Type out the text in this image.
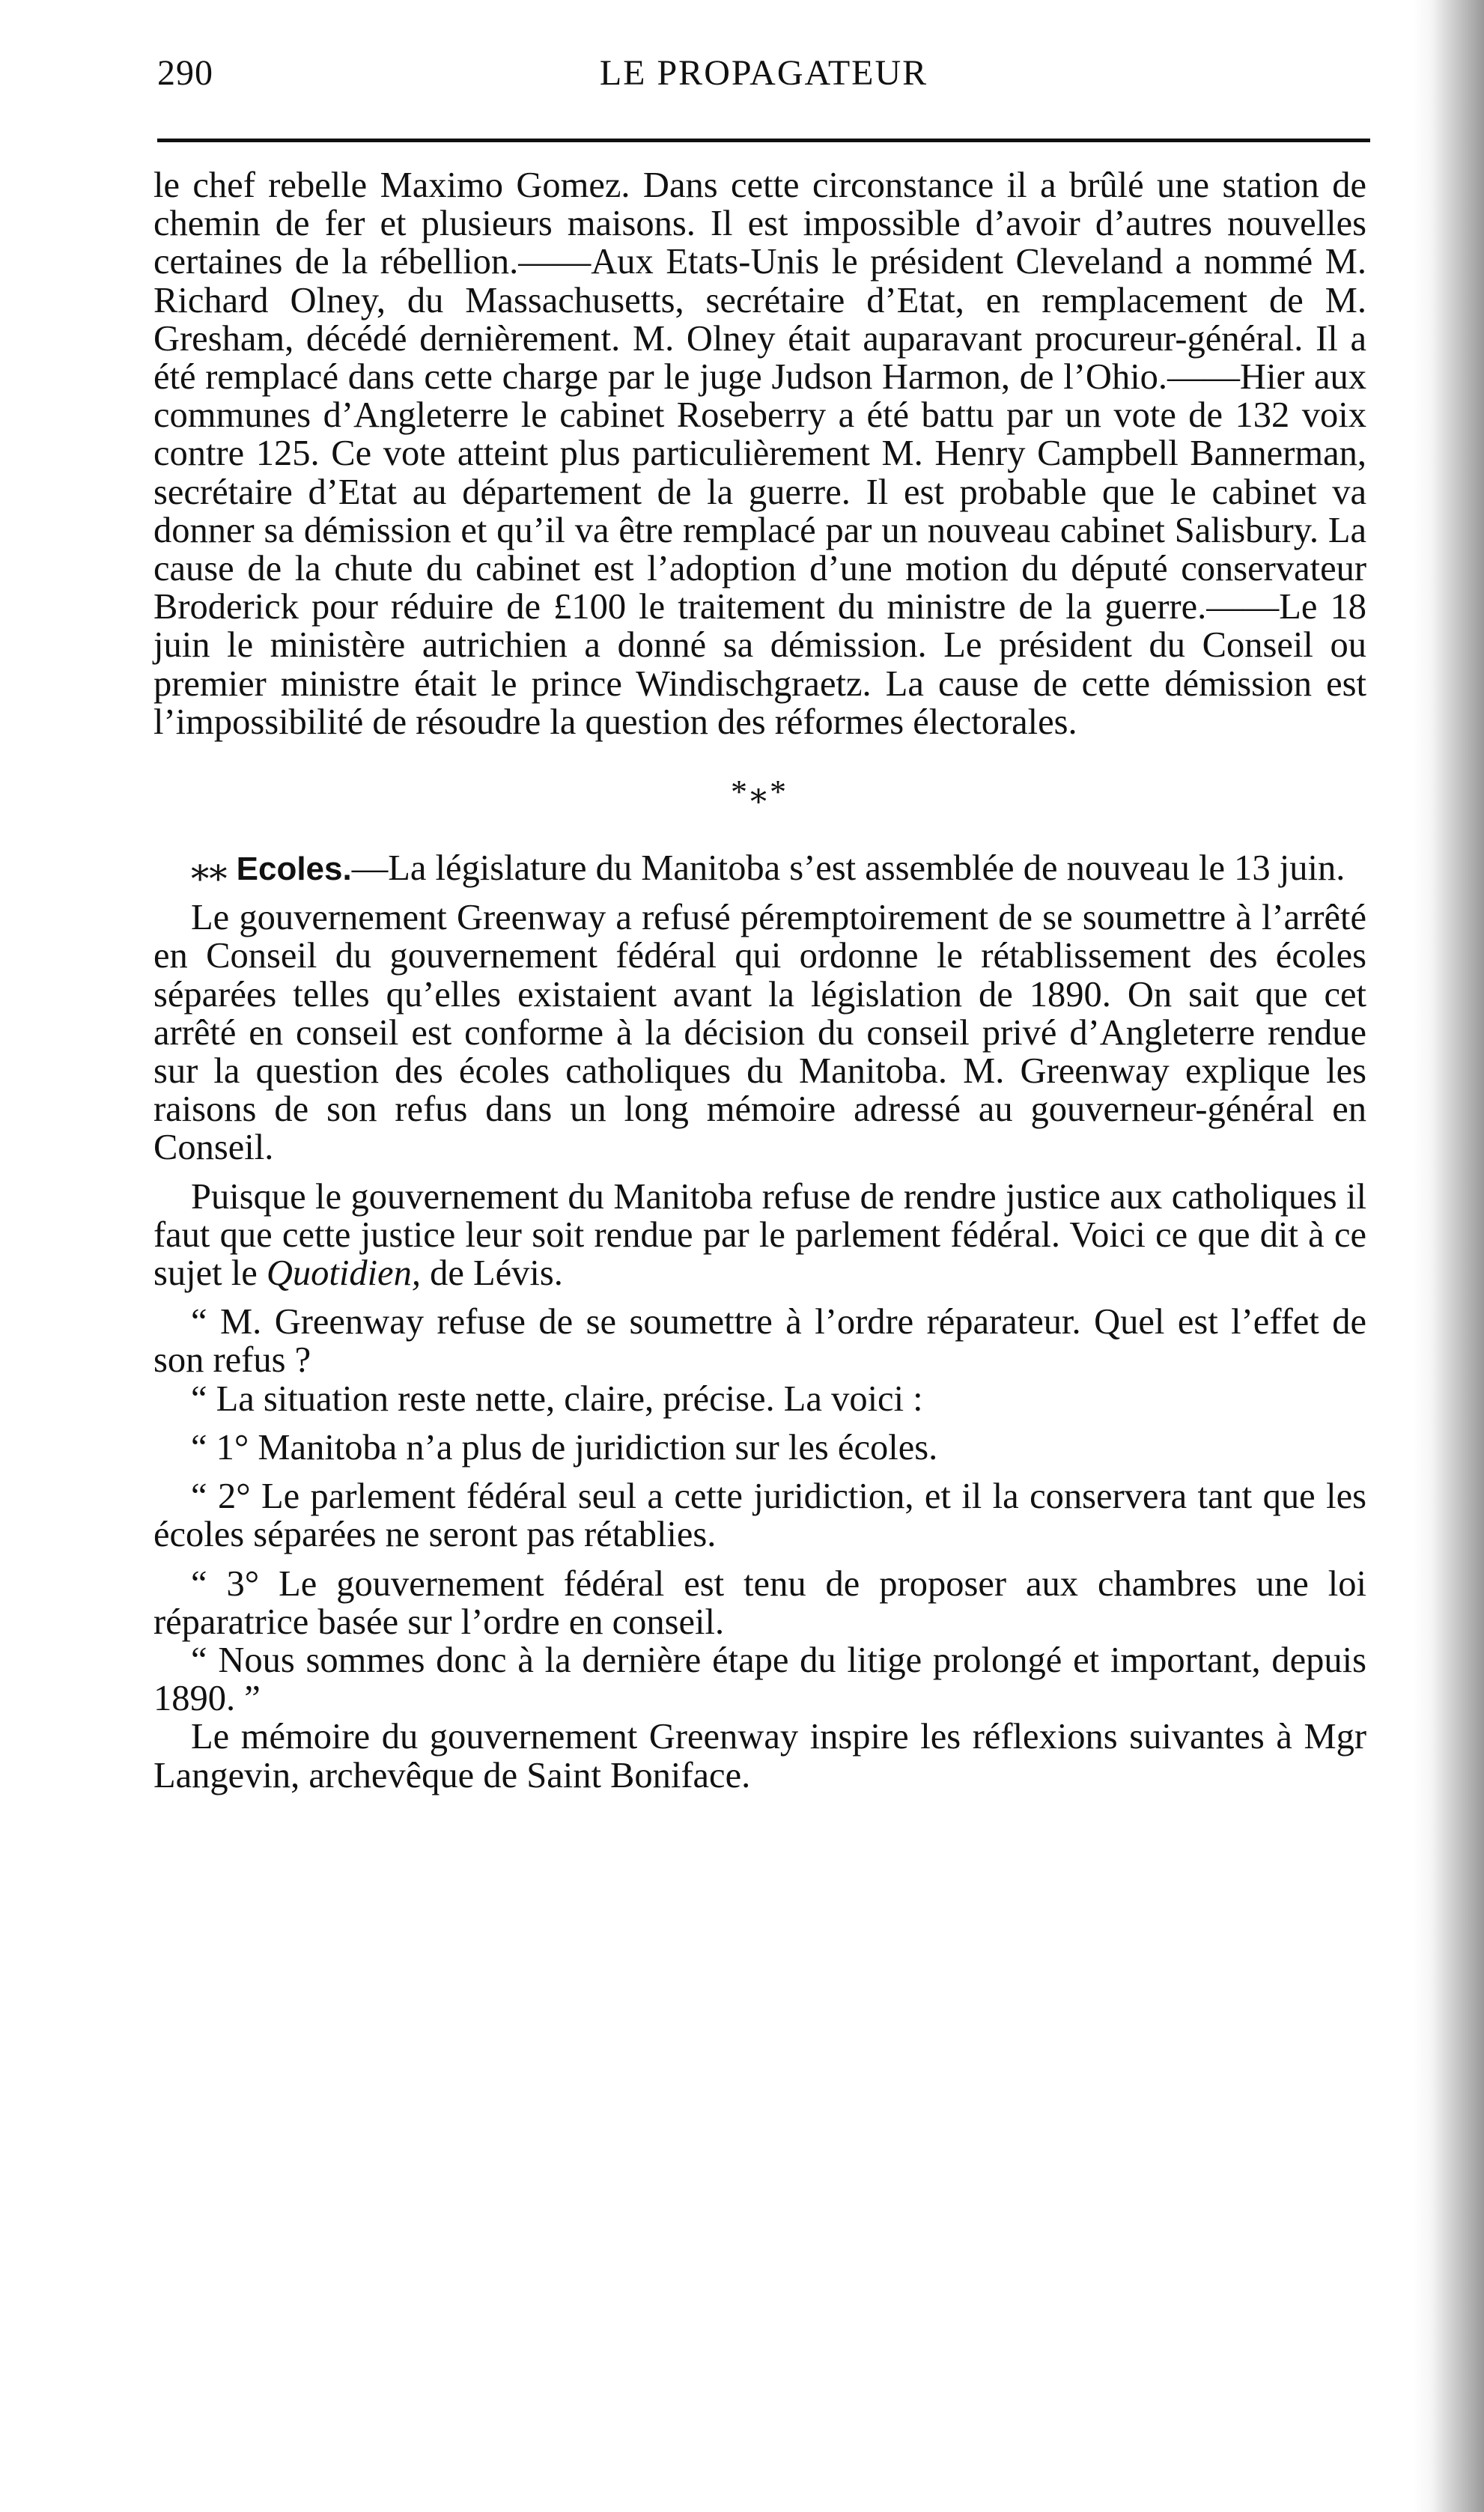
290	LE PROPAGATEUR

le chef rebelle Maximo Gomez. Dans cette circonstance il a brûlé une station de chemin de fer et plusieurs maisons. Il est impossible d’avoir d’autres nouvelles certaines de la rébellion.——Aux Etats-Unis le président Cleveland a nommé M. Richard Olney, du Massachusetts, secrétaire d’Etat, en remplacement de M. Gresham, décédé dernièrement. M. Olney était auparavant procureur-général. Il a été remplacé dans cette charge par le juge Judson Harmon, de l’Ohio.——Hier aux communes d’Angleterre le cabinet Roseberry a été battu par un vote de 132 voix contre 125. Ce vote atteint plus particulièrement M. Henry Campbell Bannerman, secrétaire d’Etat au département de la guerre. Il est probable que le cabinet va donner sa démission et qu’il va être remplacé par un nouveau cabinet Salisbury. La cause de la chute du cabinet est l’adoption d’une motion du député conservateur Broderick pour réduire de £100 le traitement du ministre de la guerre.——Le 18 juin le ministère autrichien a donné sa démission. Le président du Conseil ou premier ministre était le prince Windischgraetz. La cause de cette démission est l’impossibilité de résoudre la question des réformes électorales.

*⁎*

⁎⁎ Ecoles.—La législature du Manitoba s’est assemblée de nouveau le 13 juin.

Le gouvernement Greenway a refusé péremptoirement de se soumettre à l’arrêté en Conseil du gouvernement fédéral qui ordonne le rétablissement des écoles séparées telles qu’elles existaient avant la législation de 1890. On sait que cet arrêté en conseil est conforme à la décision du conseil privé d’Angleterre rendue sur la question des écoles catholiques du Manitoba. M. Greenway explique les raisons de son refus dans un long mémoire adressé au gouverneur-général en Conseil.

Puisque le gouvernement du Manitoba refuse de rendre justice aux catholiques il faut que cette justice leur soit rendue par le parlement fédéral. Voici ce que dit à ce sujet le Quotidien, de Lévis.

“ M. Greenway refuse de se soumettre à l’ordre réparateur. Quel est l’effet de son refus ?

“ La situation reste nette, claire, précise. La voici :

“ 1° Manitoba n’a plus de juridiction sur les écoles.

“ 2° Le parlement fédéral seul a cette juridiction, et il la conservera tant que les écoles séparées ne seront pas rétablies.

“ 3° Le gouvernement fédéral est tenu de proposer aux chambres une loi réparatrice basée sur l’ordre en conseil.

“ Nous sommes donc à la dernière étape du litige prolongé et important, depuis 1890. ”

Le mémoire du gouvernement Greenway inspire les réflexions suivantes à Mgr Langevin, archevêque de Saint Boniface.
